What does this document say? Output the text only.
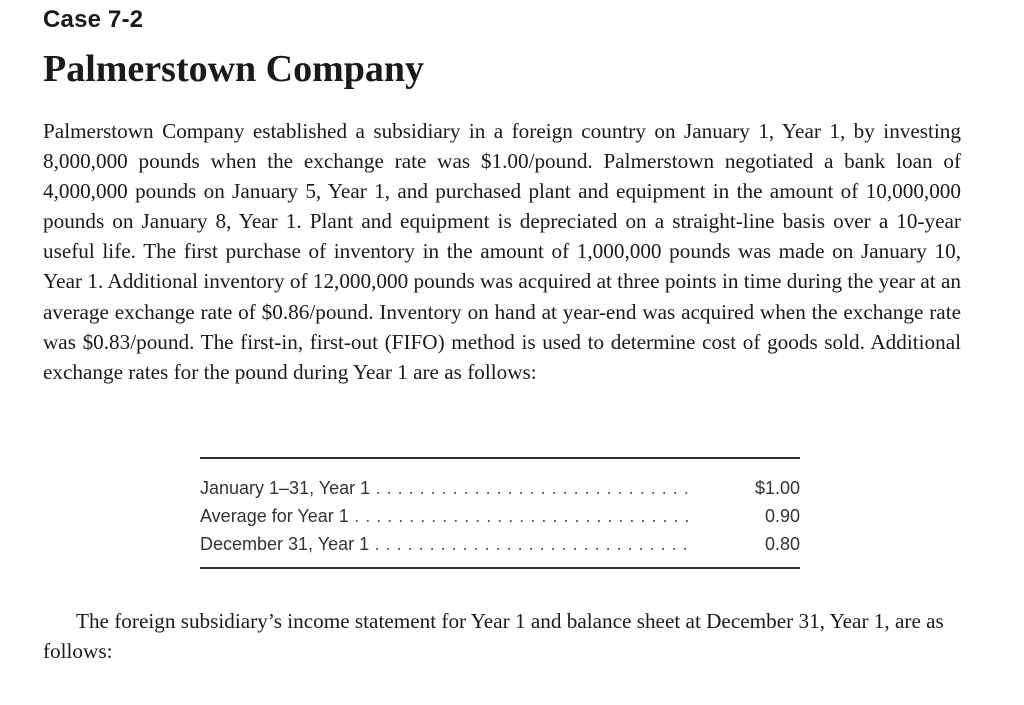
Case 7-2
Palmerstown Company

Palmerstown Company established a subsidiary in a foreign country on January 1, Year 1, by investing 8,000,000 pounds when the exchange rate was $1.00/pound. Palmerstown negotiated a bank loan of 4,000,000 pounds on January 5, Year 1, and purchased plant and equipment in the amount of 10,000,000 pounds on January 8, Year 1. Plant and equipment is depreciated on a straight-line basis over a 10-year useful life. The first purchase of inventory in the amount of 1,000,000 pounds was made on January 10, Year 1. Additional inventory of 12,000,000 pounds was acquired at three points in time during the year at an average exchange rate of $0.86/pound. Inventory on hand at year-end was acquired when the exchange rate was $0.83/pound. The first-in, first-out (FIFO) method is used to determine cost of goods sold. Additional exchange rates for the pound during Year 1 are as follows:

January 1–31, Year 1 . . .	$1.00
Average for Year 1 . . .	0.90
December 31, Year 1 . . .	0.80

The foreign subsidiary’s income statement for Year 1 and balance sheet at December 31, Year 1, are as follows:
